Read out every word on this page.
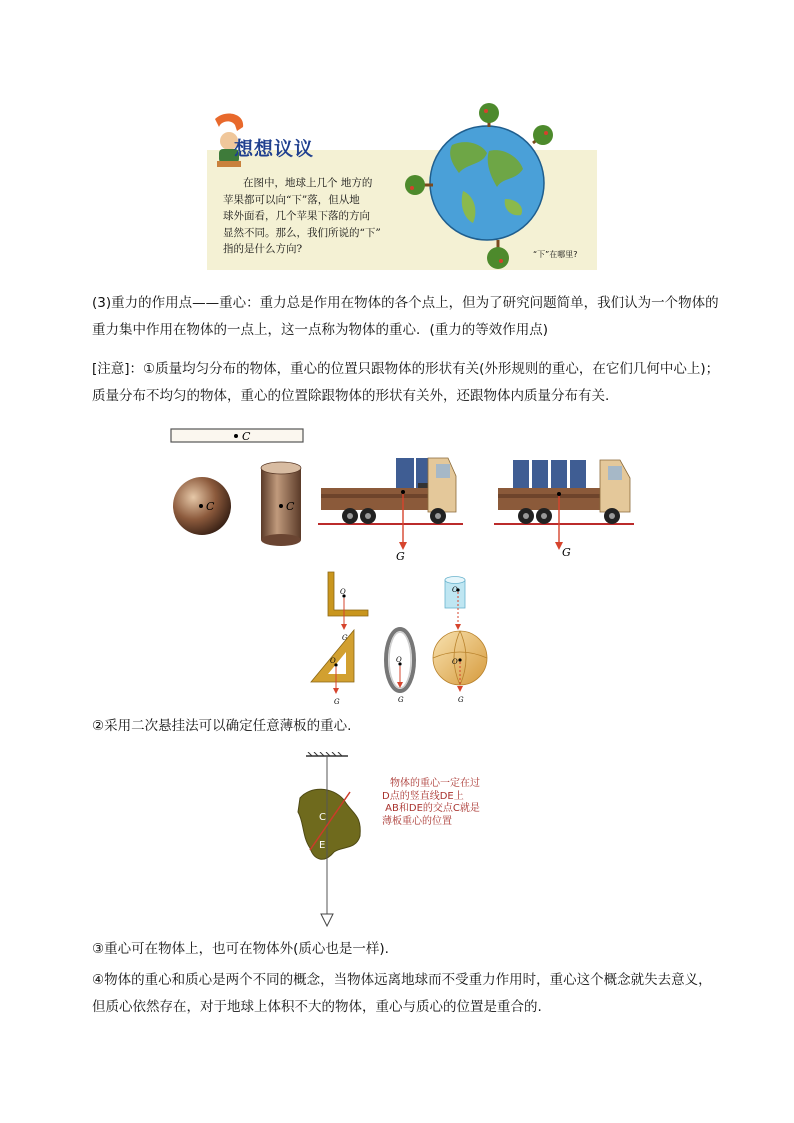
想想议议
在图中，地球上几个 地方的
苹果都可以向“下”落，但从地
球外面看，几个苹果下落的方向
显然不同。那么，我们所说的“下”
指的是什么方向?	“下”在哪里?

(3)重力的作用点——重心：重力总是作用在物体的各个点上，但为了研究问题简单，我们认为一个物体的
重力集中作用在物体的一点上，这一点称为物体的重心．(重力的等效作用点)

[注意]：①质量均匀分布的物体，重心的位置只跟物体的形状有关(外形规则的重心，在它们几何中心上)；
质量分布不均匀的物体，重心的位置除跟物体的形状有关外，还跟物体内质量分布有关.

C
C	C
G	G
O
G
O
G
O
G
O
O
G

②采用二次悬挂法可以确定任意薄板的重心.

C
E
物体的重心一定在过
D点的竖直线DE上
AB和DE的交点C就是
薄板重心的位置

③重心可在物体上，也可在物体外(质心也是一样).

④物体的重心和质心是两个不同的概念，当物体远离地球而不受重力作用时，重心这个概念就失去意义，
但质心依然存在，对于地球上体积不大的物体，重心与质心的位置是重合的.
